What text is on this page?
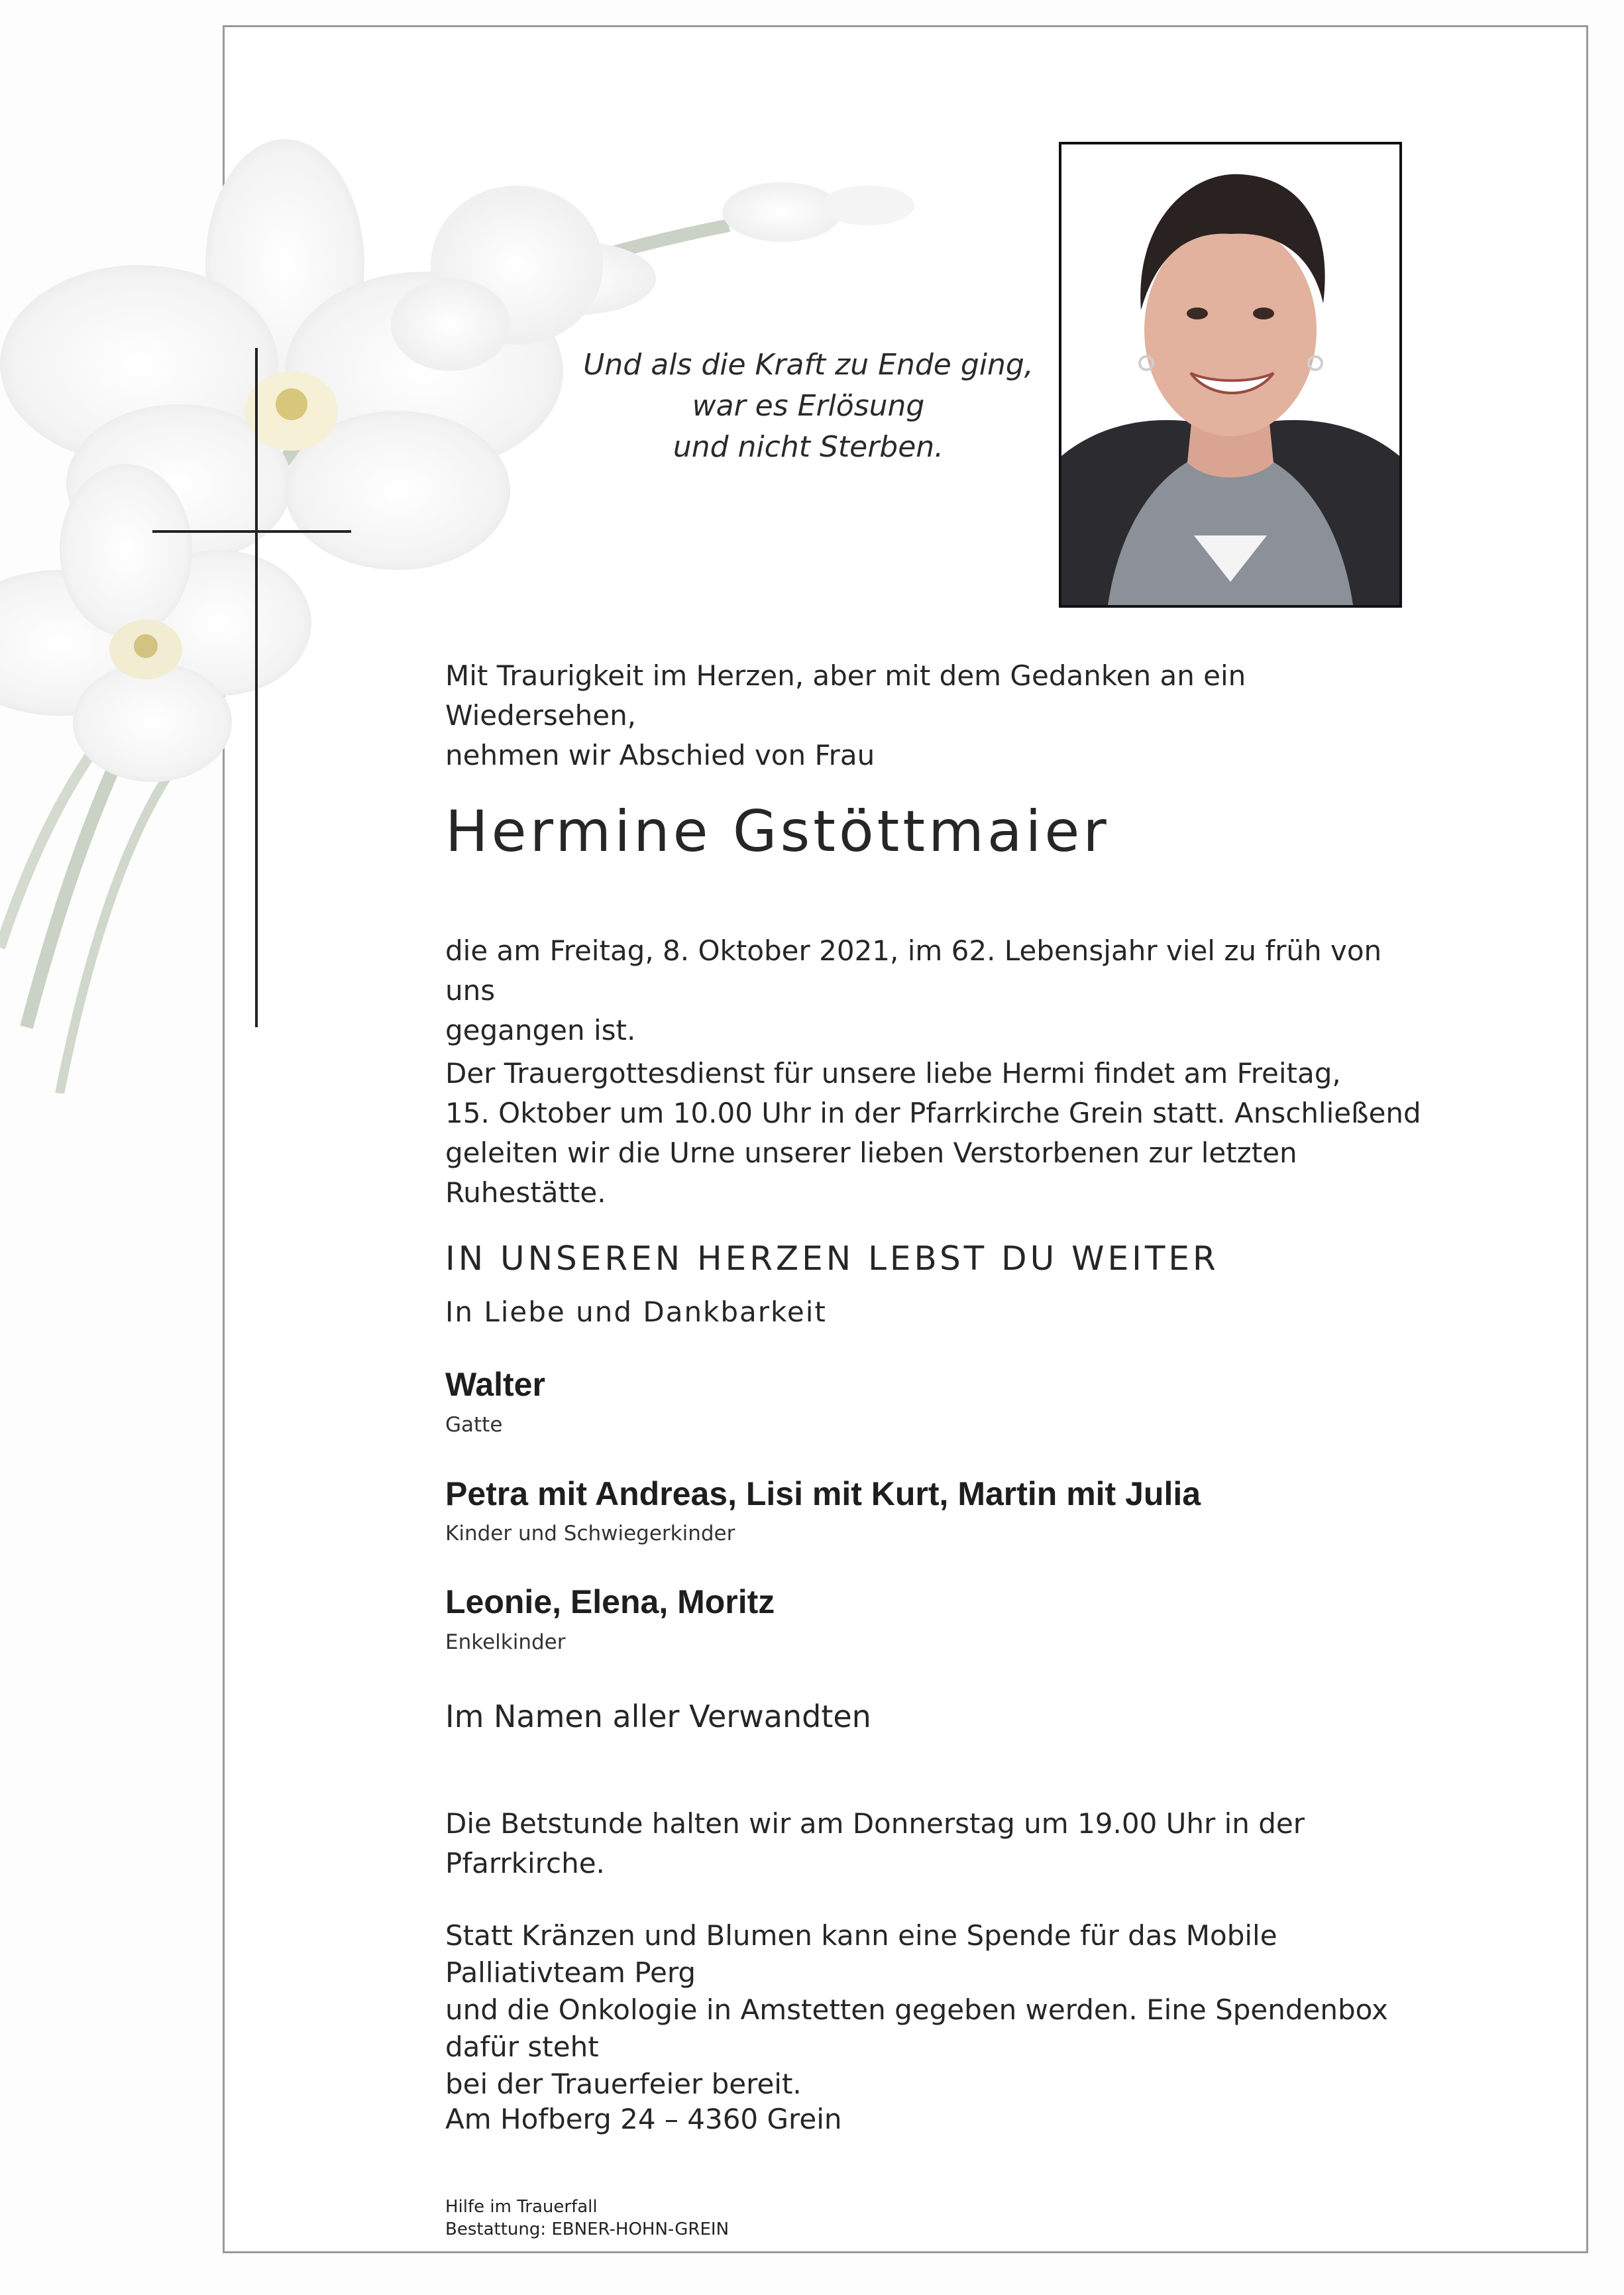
Und als die Kraft zu Ende ging,
war es Erlösung
und nicht Sterben.
Mit Traurigkeit im Herzen, aber mit dem Gedanken an ein Wiedersehen,
nehmen wir Abschied von Frau
Hermine Gstöttmaier
die am Freitag, 8. Oktober 2021, im 62. Lebensjahr viel zu früh von uns
gegangen ist.
Der Trauergottesdienst für unsere liebe Hermi findet am Freitag,
15. Oktober um 10.00 Uhr in der Pfarrkirche Grein statt. Anschließend
geleiten wir die Urne unserer lieben Verstorbenen zur letzten Ruhestätte.
IN UNSEREN HERZEN LEBST DU WEITER
In Liebe und Dankbarkeit
Walter
Gatte
Petra mit Andreas, Lisi mit Kurt, Martin mit Julia
Kinder und Schwiegerkinder
Leonie, Elena, Moritz
Enkelkinder
Im Namen aller Verwandten
Die Betstunde halten wir am Donnerstag um 19.00 Uhr in der Pfarrkirche.
Statt Kränzen und Blumen kann eine Spende für das Mobile Palliativteam Perg
und die Onkologie in Amstetten gegeben werden. Eine Spendenbox dafür steht
bei der Trauerfeier bereit.
Am Hofberg 24 – 4360 Grein
Hilfe im Trauerfall
Bestattung: EBNER-HOHN-GREIN
